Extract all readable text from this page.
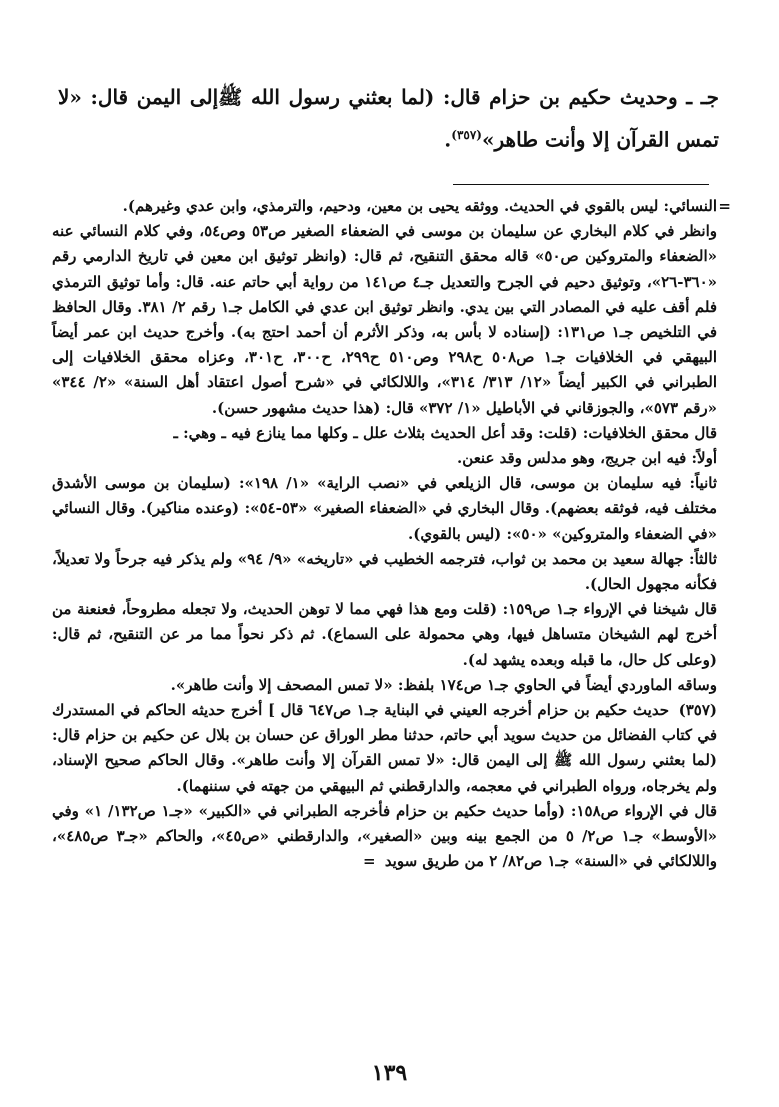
جـ ـ وحديث حكيم بن حزام قال: (لما بعثني رسول الله ﷺإلى اليمن قال: «لا تمس القرآن إلا وأنت طاهر»$^{(٣٥٧)}$.

=

النسائي: ليس بالقوي في الحديث. ووثقه يحيى بن معين، ودحيم، والترمذي، وابن عدي وغيرهم).

وانظر في كلام البخاري عن سليمان بن موسى في الضعفاء الصغير ص٥٣ وص٥٤، وفي كلام النسائي عنه «الضعفاء والمتروكين ص٥٠» قاله محقق التنقيح، ثم قال: (وانظر توثيق ابن معين في تاريخ الدارمي رقم «٣٦٠-٢٦»، وتوثيق دحيم في الجرح والتعديل جـ٤ ص١٤١ من رواية أبي حاتم عنه. قال: وأما توثيق الترمذي فلم أقف عليه في المصادر التي بين يدي. وانظر توثيق ابن عدي في الكامل جـ١ رقم ٢/ ٣٨١. وقال الحافظ في التلخيص جـ١ ص١٣١: (إسناده لا بأس به، وذكر الأثرم أن أحمد احتج به). وأخرج حديث ابن عمر أيضاً البيهقي في الخلافيات جـ١ ص٥٠٨ ح٢٩٨ وص٥١٠ ح٢٩٩، ح٣٠٠، ح٣٠١، وعزاه محقق الخلافيات إلى الطبراني في الكبير أيضاً «١٢/ ٣١٣/ ٣١٤»، واللالكائي في «شرح أصول اعتقاد أهل السنة» «٢/ ٣٤٤» «رقم ٥٧٣»، والجوزقاني في الأباطيل «١/ ٣٧٢» قال: (هذا حديث مشهور حسن).

قال محقق الخلافيات: (قلت: وقد أعل الحديث بثلاث علل ـ وكلها مما ينازع فيه ـ وهي: ـ

أولاً: فيه ابن جريج، وهو مدلس وقد عنعن.

ثانياً: فيه سليمان بن موسى، قال الزيلعي في «نصب الراية» «١/ ١٩٨»: (سليمان بن موسى الأشدق مختلف فيه، فوثقه بعضهم). وقال البخاري في «الضعفاء الصغير» «٥٣-٥٤»: (وعنده مناكير). وقال النسائي «في الضعفاء والمتروكين» «٥٠»: (ليس بالقوي).

ثالثاً: جهالة سعيد بن محمد بن ثواب، فترجمه الخطيب في «تاريخه» «٩/ ٩٤» ولم يذكر فيه جرحاً ولا تعديلاً، فكأنه مجهول الحال).

قال شيخنا في الإرواء جـ١ ص١٥٩: (قلت ومع هذا فهي مما لا توهن الحديث، ولا تجعله مطروحاً، فعنعنة من أخرج لهم الشيخان متساهل فيها، وهي محمولة على السماع). ثم ذكر نحواً مما مر عن التنقيح، ثم قال: (وعلى كل حال، ما قبله وبعده يشهد له).

وساقه الماوردي أيضاً في الحاوي جـ١ ص١٧٤ بلفظ: «لا تمس المصحف إلا وأنت طاهر».

(٣٥٧) حديث حكيم بن حزام أخرجه العيني في البناية جـ١ ص٦٤٧ قال ] أخرج حديثه الحاكم في المستدرك في كتاب الفضائل من حديث سويد أبي حاتم، حدثنا مطر الوراق عن حسان بن بلال عن حكيم بن حزام قال: (لما بعثني رسول الله ﷺ إلى اليمن قال: «لا تمس القرآن إلا وأنت طاهر». وقال الحاكم صحيح الإسناد، ولم يخرجاه، ورواه الطبراني في معجمه، والدارقطني ثم البيهقي من جهته في سننهما).

قال في الإرواء ص١٥٨: (وأما حديث حكيم بن حزام فأخرجه الطبراني في «الكبير» «جـ١ ص١٣٢/ ١» وفي «الأوسط» جـ١ ص٢/ ٥ من الجمع بينه وبين «الصغير»، والدارقطني «ص٤٥»، والحاكم «جـ٣ ص٤٨٥»، واللالكائي في «السنة» جـ١ ص٨٢/ ٢ من طريق سويد =

١٣٩
